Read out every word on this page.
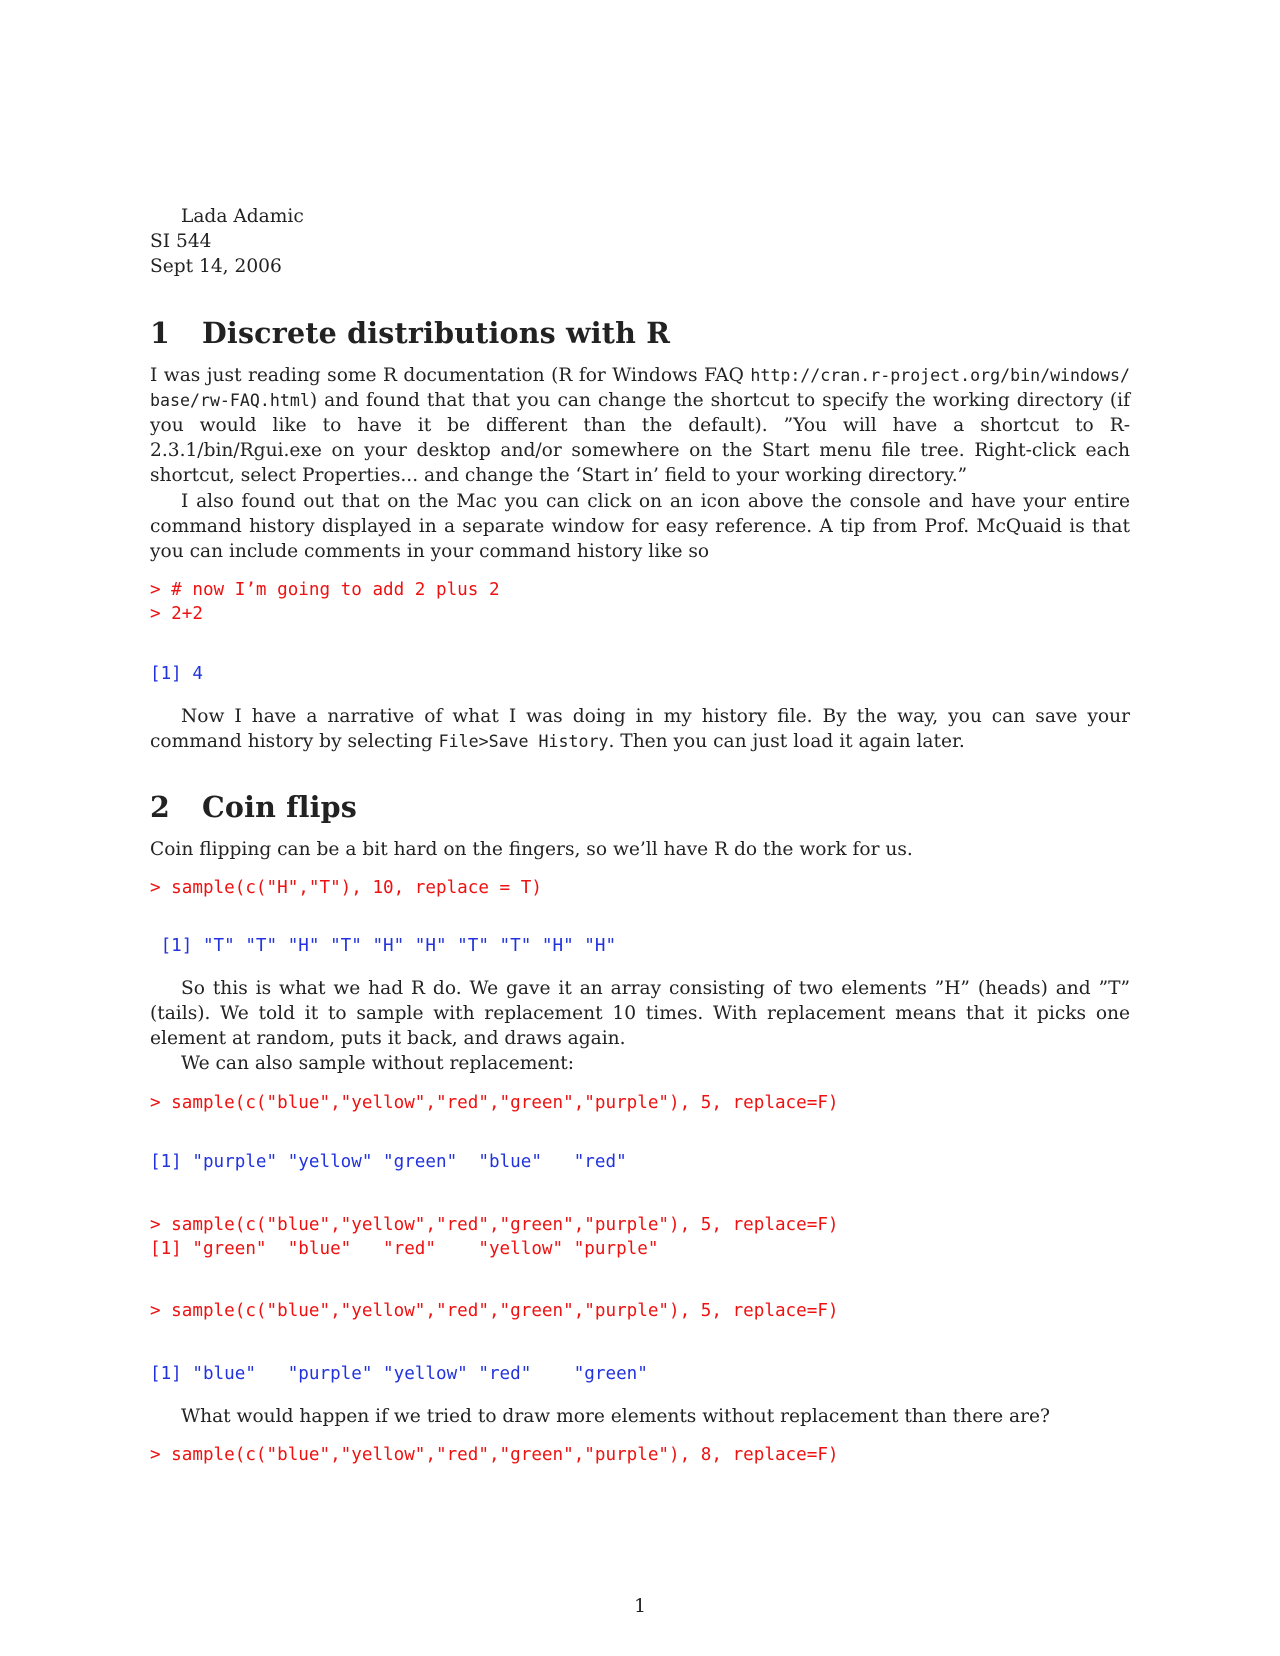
Lada Adamic

SI 544

Sept 14, 2006

1 Discrete distributions with R

I was just reading some R documentation (R for Windows FAQ http://cran.r-project.org/bin/windows/ base/rw-FAQ.html) and found that that you can change the shortcut to specify the working directory (if you would like to have it be different than the default). ”You will have a shortcut to R-2.3.1/bin/Rgui.exe on your desktop and/or somewhere on the Start menu file tree. Right-click each shortcut, select Properties... and change the ‘Start in’ field to your working directory.”

I also found out that on the Mac you can click on an icon above the console and have your entire command history displayed in a separate window for easy reference. A tip from Prof. McQuaid is that you can include comments in your command history like so

> # now I’m going to add 2 plus 2

> 2+2

[1] 4

Now I have a narrative of what I was doing in my history file. By the way, you can save your command history by selecting File>Save History. Then you can just load it again later.

2 Coin flips

Coin flipping can be a bit hard on the fingers, so we’ll have R do the work for us.

> sample(c("H","T"), 10, replace = T)

[1] "T" "T" "H" "T" "H" "H" "T" "T" "H" "H"

So this is what we had R do. We gave it an array consisting of two elements ”H” (heads) and ”T” (tails). We told it to sample with replacement 10 times. With replacement means that it picks one element at random, puts it back, and draws again.

We can also sample without replacement:

> sample(c("blue","yellow","red","green","purple"), 5, replace=F)

[1] "purple" "yellow" "green"  "blue"   "red"

> sample(c("blue","yellow","red","green","purple"), 5, replace=F)

[1] "green"  "blue"   "red"    "yellow" "purple"

> sample(c("blue","yellow","red","green","purple"), 5, replace=F)

[1] "blue"   "purple" "yellow" "red"    "green"

What would happen if we tried to draw more elements without replacement than there are?

> sample(c("blue","yellow","red","green","purple"), 8, replace=F)

1
